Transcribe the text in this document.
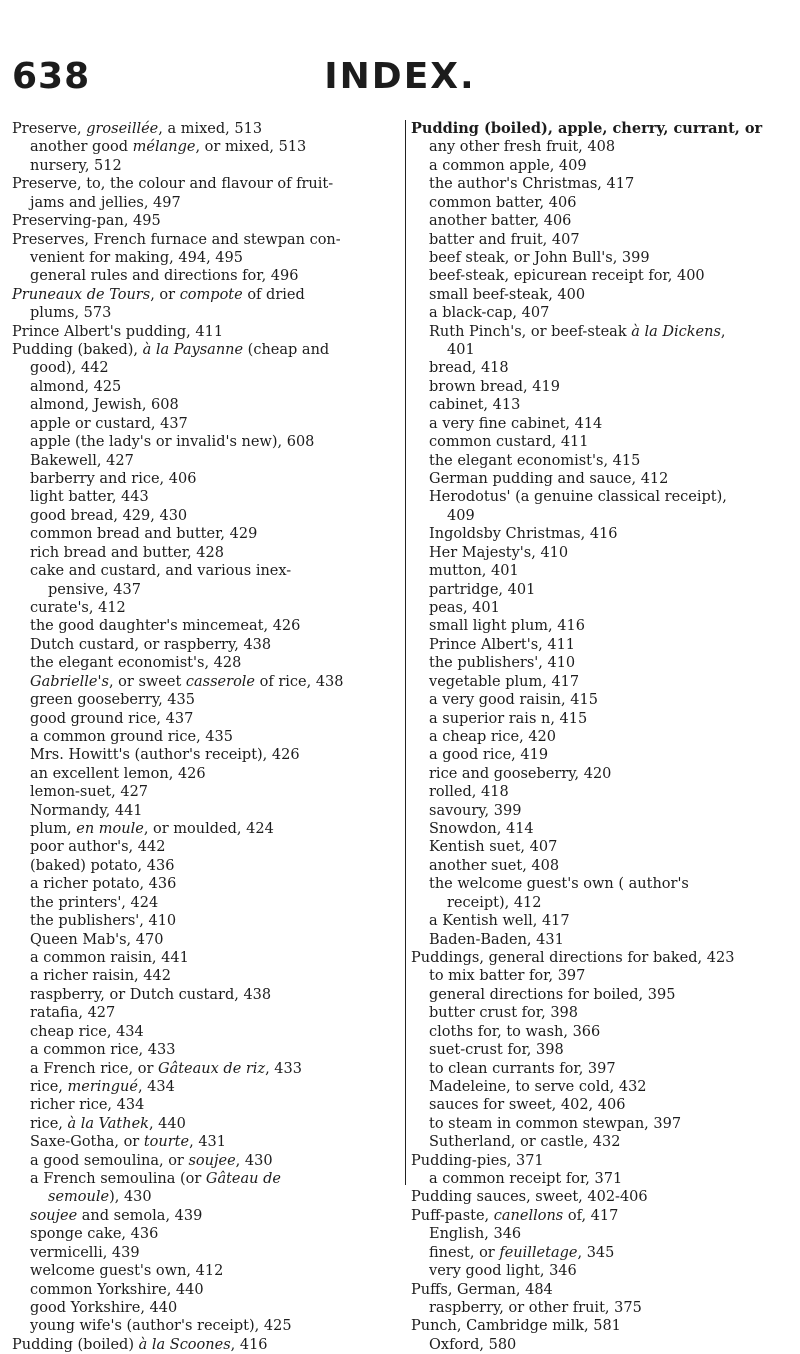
638	INDEX.
Preserve, groseillée, a mixed, 513
another good mélange, or mixed, 513
nursery, 512
Preserve, to, the colour and flavour of fruit-
jams and jellies, 497
Preserving-pan, 495
Preserves, French furnace and stewpan con-
venient for making, 494, 495
general rules and directions for, 496
Pruneaux de Tours, or compote of dried
plums, 573
Prince Albert's pudding, 411
Pudding (baked), à la Paysanne (cheap and
good), 442
almond, 425
almond, Jewish, 608
apple or custard, 437
apple (the lady's or invalid's new), 608
Bakewell, 427
barberry and rice, 406
light batter, 443
good bread, 429, 430
common bread and butter, 429
rich bread and butter, 428
cake and custard, and various inex-
pensive, 437
curate's, 412
the good daughter's mincemeat, 426
Dutch custard, or raspberry, 438
the elegant economist's, 428
Gabrielle's, or sweet casserole of rice, 438
green gooseberry, 435
good ground rice, 437
a common ground rice, 435
Mrs. Howitt's (author's receipt), 426
an excellent lemon, 426
lemon-suet, 427
Normandy, 441
plum, en moule, or moulded, 424
poor author's, 442
(baked) potato, 436
a richer potato, 436
the printers', 424
the publishers', 410
Queen Mab's, 470
a common raisin, 441
a richer raisin, 442
raspberry, or Dutch custard, 438
ratafia, 427
cheap rice, 434
a common rice, 433
a French rice, or Gâteaux de riz, 433
rice, meringué, 434
richer rice, 434
rice, à la Vathek, 440
Saxe-Gotha, or tourte, 431
a good semoulina, or soujee, 430
a French semoulina (or Gâteau de
semoule), 430
soujee and semola, 439
sponge cake, 436
vermicelli, 439
welcome guest's own, 412
common Yorkshire, 440
good Yorkshire, 440
young wife's (author's receipt), 425
Pudding (boiled) à la Scoones, 416
Pudding (boiled), apple, cherry, currant, or
any other fresh fruit, 408
a common apple, 409
the author's Christmas, 417
common batter, 406
another batter, 406
batter and fruit, 407
beef steak, or John Bull's, 399
beef-steak, epicurean receipt for, 400
small beef-steak, 400
a black-cap, 407
Ruth Pinch's, or beef-steak à la Dickens,
401
bread, 418
brown bread, 419
cabinet, 413
a very fine cabinet, 414
common custard, 411
the elegant economist's, 415
German pudding and sauce, 412
Herodotus' (a genuine classical receipt),
409
Ingoldsby Christmas, 416
Her Majesty's, 410
mutton, 401
partridge, 401
peas, 401
small light plum, 416
Prince Albert's, 411
the publishers', 410
vegetable plum, 417
a very good raisin, 415
a superior rais n, 415
a cheap rice, 420
a good rice, 419
rice and gooseberry, 420
rolled, 418
savoury, 399
Snowdon, 414
Kentish suet, 407
another suet, 408
the welcome guest's own ( author's
receipt), 412
a Kentish well, 417
Baden-Baden, 431
Puddings, general directions for baked, 423
to mix batter for, 397
general directions for boiled, 395
butter crust for, 398
cloths for, to wash, 366
suet-crust for, 398
to clean currants for, 397
Madeleine, to serve cold, 432
sauces for sweet, 402, 406
to steam in common stewpan, 397
Sutherland, or castle, 432
Pudding-pies, 371
a common receipt for, 371
Pudding sauces, sweet, 402-406
Puff-paste, canellons of, 417
English, 346
finest, or feuilletage, 345
very good light, 346
Puffs, German, 484
raspberry, or other fruit, 375
Punch, Cambridge milk, 581
Oxford, 580
